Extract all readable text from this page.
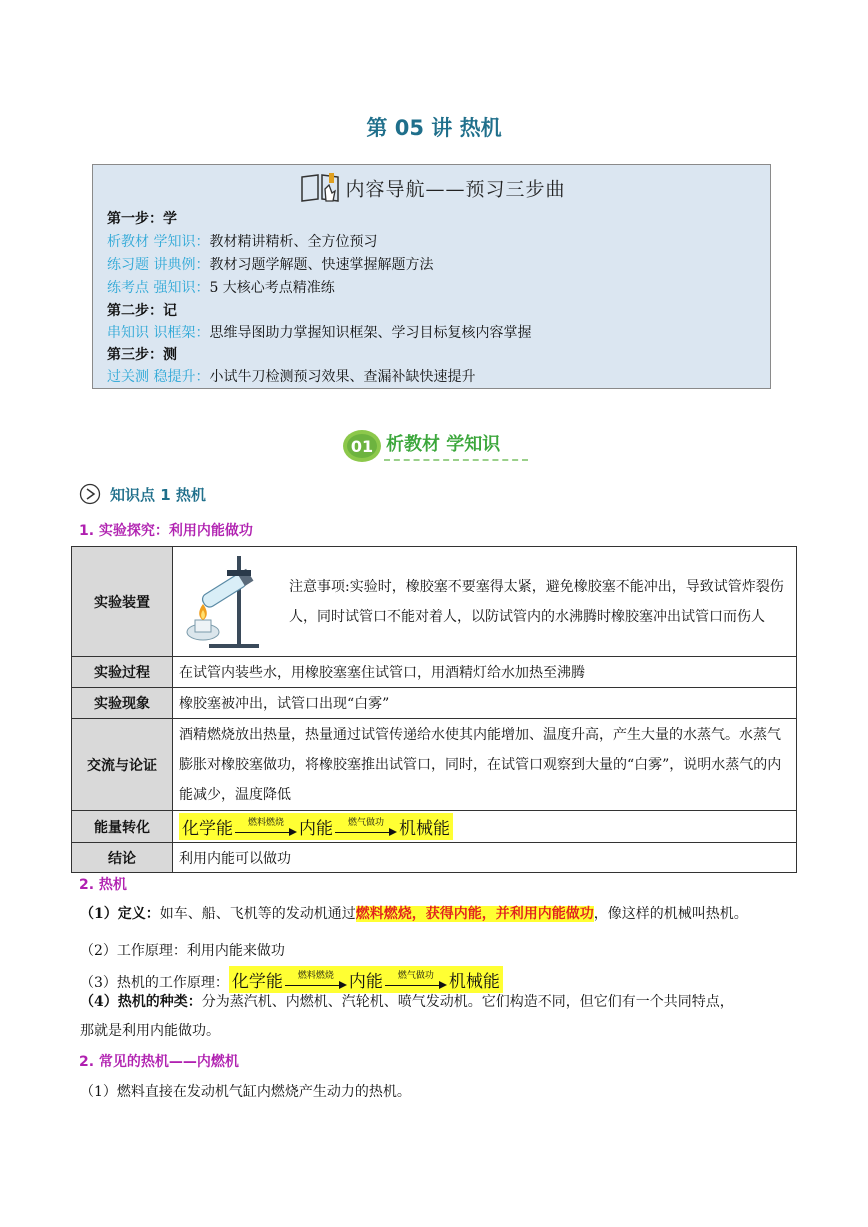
第 05 讲 热机
内容导航——预习三步曲
第一步：学
析教材 学知识：教材精讲精析、全方位预习
练习题 讲典例：教材习题学解题、快速掌握解题方法
练考点 强知识：5 大核心考点精准练
第二步：记
串知识 识框架：思维导图助力掌握知识框架、学习目标复核内容掌握
第三步：测
过关测 稳提升：小试牛刀检测预习效果、查漏补缺快速提升
01 析教材 学知识
知识点 1 热机
1. 实验探究：利用内能做功
实验装置	注意事项:实验时，橡胶塞不要塞得太紧，避免橡胶塞不能冲出，导致试管炸裂伤人，同时试管口不能对着人，以防试管内的水沸腾时橡胶塞冲出试管口而伤人

实验过程	在试管内装些水，用橡胶塞塞住试管口，用酒精灯给水加热至沸腾
实验现象	橡胶塞被冲出，试管口出现“白雾”
交流与论证	酒精燃烧放出热量，热量通过试管传递给水使其内能增加、温度升高，产生大量的水蒸气。水蒸气膨胀对橡胶塞做功，将橡胶塞推出试管口，同时，在试管口观察到大量的“白雾”，说明水蒸气的内能减少，温度降低
能量转化	化学能 燃料燃烧 内能 燃气做功 机械能
结论	利用内能可以做功
2. 热机
（1）定义：如车、船、飞机等的发动机通过燃料燃烧，获得内能，并利用内能做功，像这样的机械叫热机。
（2）工作原理：利用内能来做功
（3）热机的工作原理： 化学能	燃料燃烧 内能	燃气做功 机械能
（4）热机的种类：分为蒸汽机、内燃机、汽轮机、喷气发动机。它们构造不同，但它们有一个共同特点，
那就是利用内能做功。
2. 常见的热机——内燃机
（1）燃料直接在发动机气缸内燃烧产生动力的热机。
